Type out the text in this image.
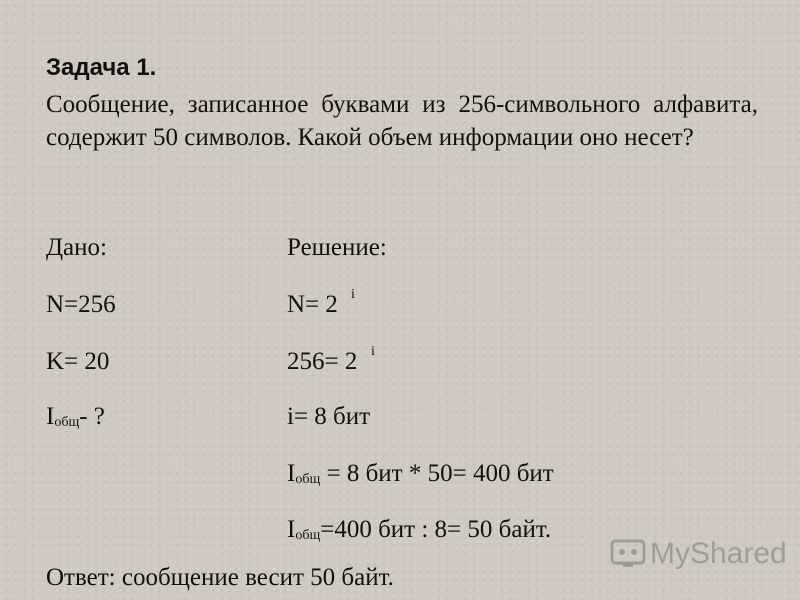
Задача 1.
Сообщение, записанное буквами из 256-символьного алфавита, содержит 50 символов. Какой объем информации оно несет?
Дано:
N=256
K= 20
Iобщ- ?
Решение:
N= 2 i
256= 2 i
i= 8 бит
Iобщ = 8 бит * 50= 400 бит
Iобщ=400 бит : 8= 50 байт.
Ответ: сообщение весит 50 байт.
MyShared
